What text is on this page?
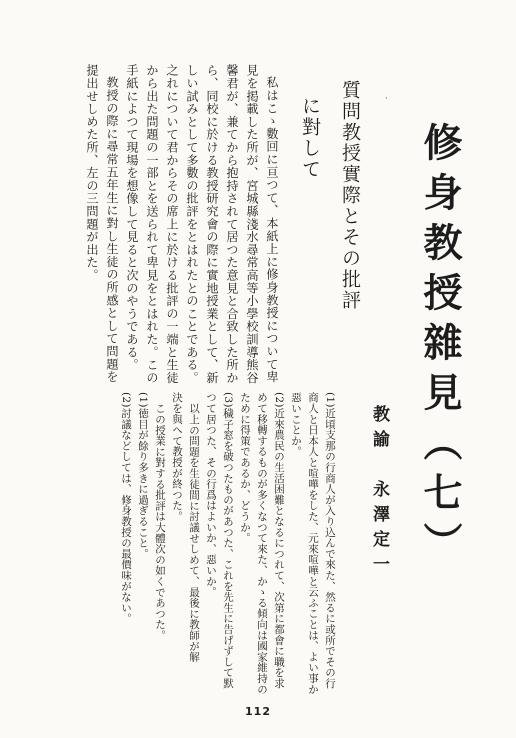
修身教授雜見（七）
質問教授實際とその批評
に對して
教諭　永澤定一

私はこゝ數回に亘つて、本紙上に修身教授について卑

見を掲載した所が、宮城縣淺水尋常高等小學校訓導熊谷

馨君が、兼てから抱持されて居つた意見と合致した所か

ら、同校に於ける教授研究會の際に實地授業として、新

しい試みとして多數の批評をとはれたとのことである。

之れについて君からその席上に於ける批評の一端と生徒

から出た問題の一部とを送られて卑見をとはれた。この

手紙によつて現場を想像して見ると次のやうである。

教授の際に尋常五年生に對し生徒の所感として問題を

提出せしめた所、左の三問題が出た。

(1)近頃支那の行商人が入り込んで來た、然るに或所でその行

商人と日本人と喧嘩をした、元來喧嘩と云ふことは、よい事か

惡いことか。

(2)近來農民の生活困難となるにつれて、次第に都會に職を求

めて移轉するものが多くなつて來た、かゝる傾向は國家維持の

ために得策であるか、どうか。

(3)穢子窓を破つたものがあつた、これを先生に告げずして默

つて居つた、その行爲はよいか、惡いか。

以上の問題を生徒間に討議せしめて、最後に教師が解

決を與へて教授が終つた。

この授業に對する批評は大體次の如くであつた。

(1)徳目が餘り多きに過ぎること。

(2)討議などしては、修身教授の最價味がない。

112
·
